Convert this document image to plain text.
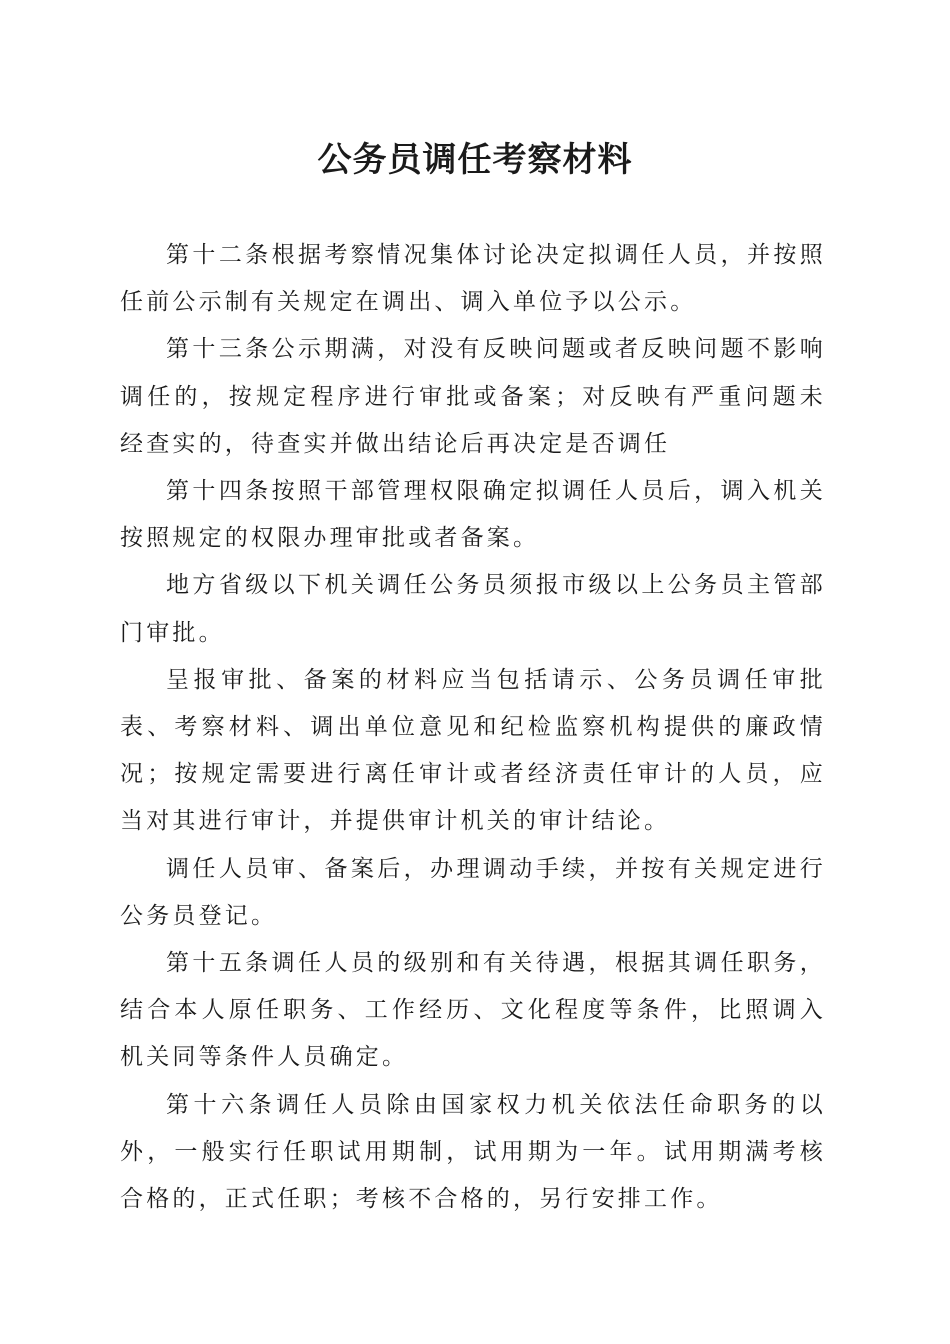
公务员调任考察材料

第十二条根据考察情况集体讨论决定拟调任人员，并按照任前公示制有关规定在调出、调入单位予以公示。

第十三条公示期满，对没有反映问题或者反映问题不影响调任的，按规定程序进行审批或备案；对反映有严重问题未经查实的，待查实并做出结论后再决定是否调任

第十四条按照干部管理权限确定拟调任人员后，调入机关按照规定的权限办理审批或者备案。

地方省级以下机关调任公务员须报市级以上公务员主管部门审批。

呈报审批、备案的材料应当包括请示、公务员调任审批表、考察材料、调出单位意见和纪检监察机构提供的廉政情况；按规定需要进行离任审计或者经济责任审计的人员，应当对其进行审计，并提供审计机关的审计结论。

调任人员审、备案后，办理调动手续，并按有关规定进行公务员登记。

第十五条调任人员的级别和有关待遇，根据其调任职务，结合本人原任职务、工作经历、文化程度等条件，比照调入机关同等条件人员确定。

第十六条调任人员除由国家权力机关依法任命职务的以外，一般实行任职试用期制，试用期为一年。试用期满考核合格的，正式任职；考核不合格的，另行安排工作。
